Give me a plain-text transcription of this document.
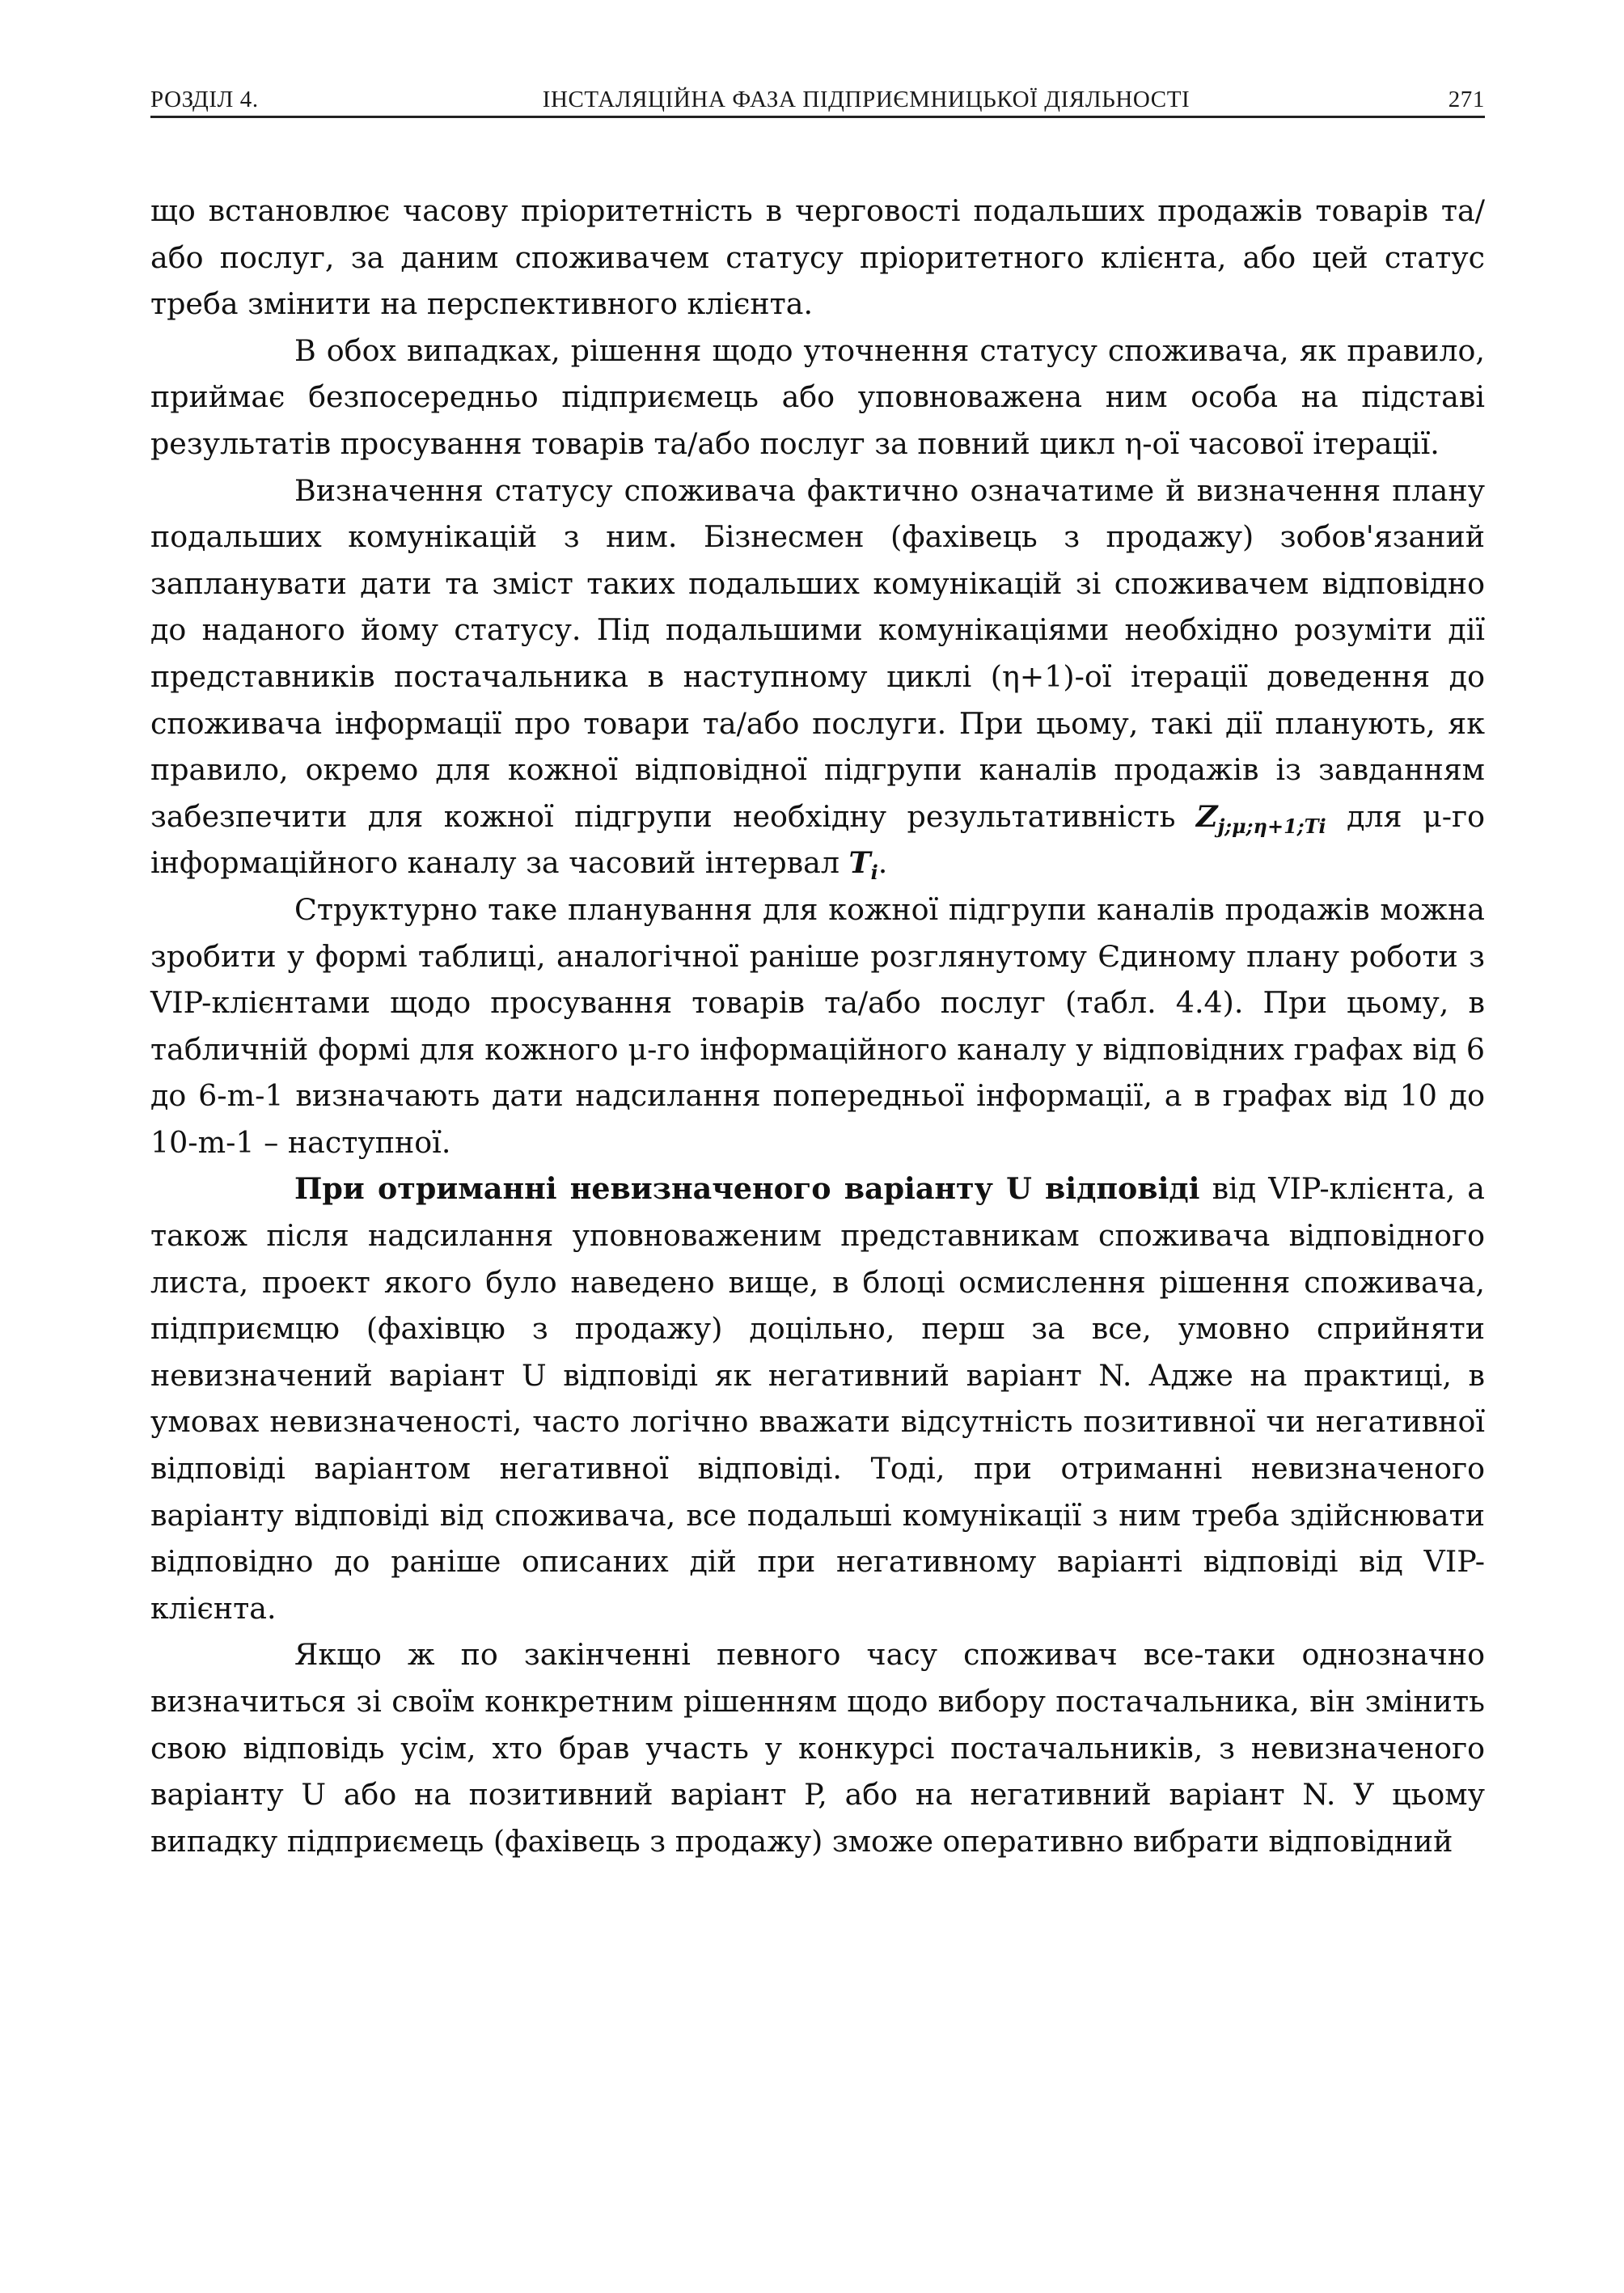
РОЗДІЛ 4.	ІНСТАЛЯЦІЙНА ФАЗА ПІДПРИЄМНИЦЬКОЇ ДІЯЛЬНОСТІ	271

що встановлює часову пріоритетність в черговості подальших продажів товарів та/або послуг, за даним споживачем статусу пріоритетного клієнта, або цей статус треба змінити на перспективного клієнта.

В обох випадках, рішення щодо уточнення статусу споживача, як правило, приймає безпосередньо підприємець або уповноважена ним особа на підставі результатів просування товарів та/або послуг за повний цикл η-ої часової ітерації.

Визначення статусу споживача фактично означатиме й визначення плану подальших комунікацій з ним. Бізнесмен (фахівець з продажу) зобов'язаний запланувати дати та зміст таких подальших комунікацій зі споживачем відповідно до наданого йому статусу. Під подальшими комунікаціями необхідно розуміти дії представників постачальника в наступному циклі (η+1)-ої ітерації доведення до споживача інформації про товари та/або послуги. При цьому, такі дії планують, як правило, окремо для кожної відповідної підгрупи каналів продажів із завданням забезпечити для кожної підгрупи необхідну результативність $Z_{j;\mu;\eta+1;Ti}$ для μ-го інформаційного каналу за часовий інтервал $T_i$.

Структурно таке планування для кожної підгрупи каналів продажів можна зробити у формі таблиці, аналогічної раніше розглянутому Єдиному плану роботи з VIP-клієнтами щодо просування товарів та/або послуг (табл. 4.4). При цьому, в табличній формі для кожного μ-го інформаційного каналу у відповідних графах від 6 до 6-m-1 визначають дати надсилання попередньої інформації, а в графах від 10 до 10-m-1 – наступної.

При отриманні невизначеного варіанту U відповіді від VIP-клієнта, а також після надсилання уповноваженим представникам споживача відповідного листа, проект якого було наведено вище, в блоці осмислення рішення споживача, підприємцю (фахівцю з продажу) доцільно, перш за все, умовно сприйняти невизначений варіант U відповіді як негативний варіант N. Адже на практиці, в умовах невизначеності, часто логічно вважати відсутність позитивної чи негативної відповіді варіантом негативної відповіді. Тоді, при отриманні невизначеного варіанту відповіді від споживача, все подальші комунікації з ним треба здійснювати відповідно до раніше описаних дій при негативному варіанті відповіді від VIP-клієнта.

Якщо ж по закінченні певного часу споживач все-таки однозначно визначиться зі своїм конкретним рішенням щодо вибору постачальника, він змінить свою відповідь усім, хто брав участь у конкурсі постачальників, з невизначеного варіанту U або на позитивний варіант P, або на негативний варіант N. У цьому випадку підприємець (фахівець з продажу) зможе оперативно вибрати відповідний
